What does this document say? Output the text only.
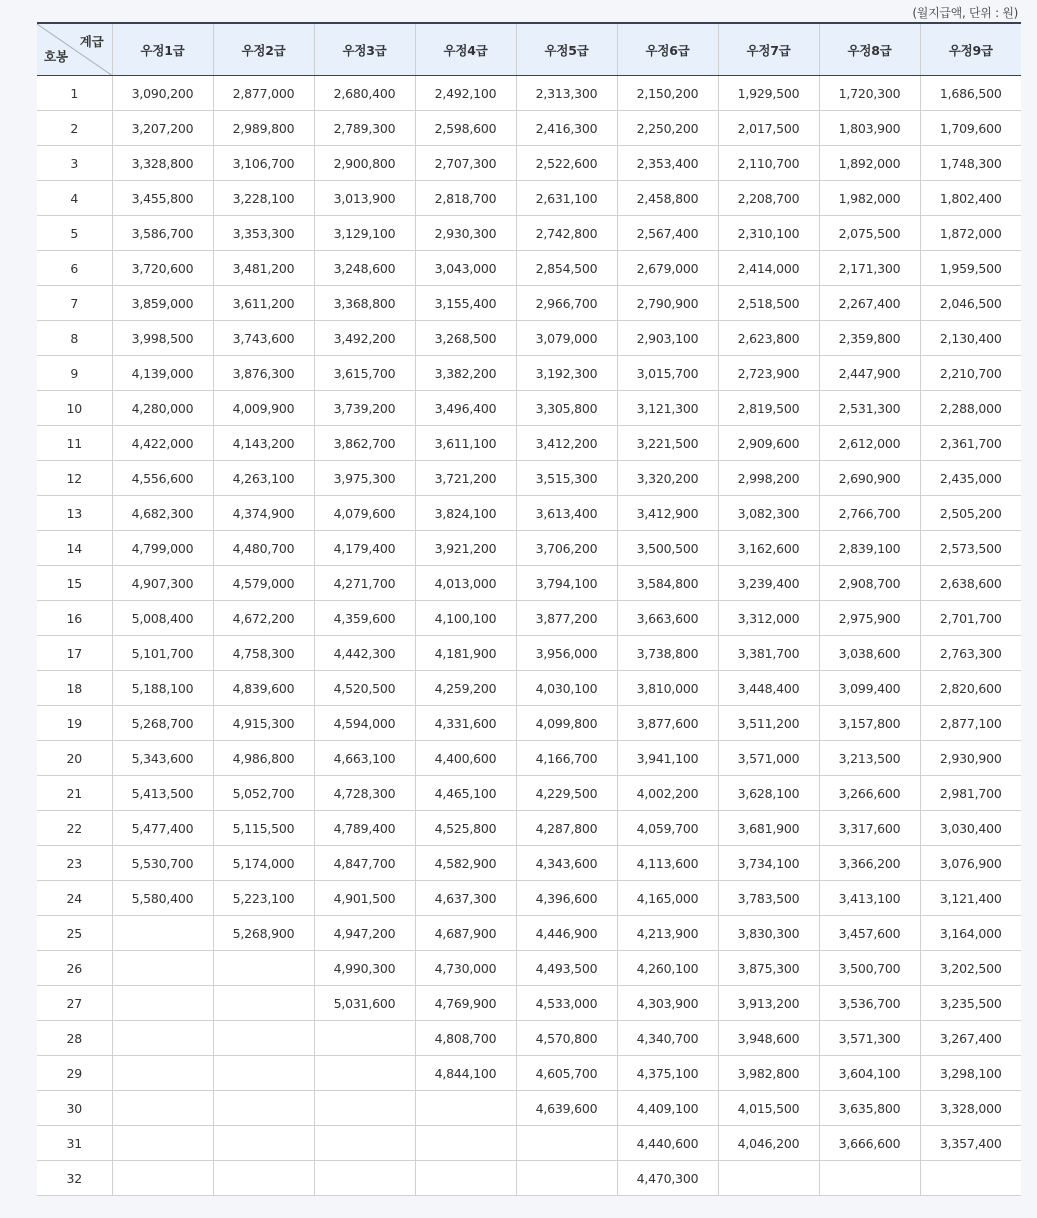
(월지급액, 단위 : 원)
계급
호봉	우정1급	우정2급	우정3급	우정4급	우정5급	우정6급	우정7급	우정8급	우정9급
1	3,090,200	2,877,000	2,680,400	2,492,100	2,313,300	2,150,200	1,929,500	1,720,300	1,686,500
2	3,207,200	2,989,800	2,789,300	2,598,600	2,416,300	2,250,200	2,017,500	1,803,900	1,709,600
3	3,328,800	3,106,700	2,900,800	2,707,300	2,522,600	2,353,400	2,110,700	1,892,000	1,748,300
4	3,455,800	3,228,100	3,013,900	2,818,700	2,631,100	2,458,800	2,208,700	1,982,000	1,802,400
5	3,586,700	3,353,300	3,129,100	2,930,300	2,742,800	2,567,400	2,310,100	2,075,500	1,872,000
6	3,720,600	3,481,200	3,248,600	3,043,000	2,854,500	2,679,000	2,414,000	2,171,300	1,959,500
7	3,859,000	3,611,200	3,368,800	3,155,400	2,966,700	2,790,900	2,518,500	2,267,400	2,046,500
8	3,998,500	3,743,600	3,492,200	3,268,500	3,079,000	2,903,100	2,623,800	2,359,800	2,130,400
9	4,139,000	3,876,300	3,615,700	3,382,200	3,192,300	3,015,700	2,723,900	2,447,900	2,210,700
10	4,280,000	4,009,900	3,739,200	3,496,400	3,305,800	3,121,300	2,819,500	2,531,300	2,288,000
11	4,422,000	4,143,200	3,862,700	3,611,100	3,412,200	3,221,500	2,909,600	2,612,000	2,361,700
12	4,556,600	4,263,100	3,975,300	3,721,200	3,515,300	3,320,200	2,998,200	2,690,900	2,435,000
13	4,682,300	4,374,900	4,079,600	3,824,100	3,613,400	3,412,900	3,082,300	2,766,700	2,505,200
14	4,799,000	4,480,700	4,179,400	3,921,200	3,706,200	3,500,500	3,162,600	2,839,100	2,573,500
15	4,907,300	4,579,000	4,271,700	4,013,000	3,794,100	3,584,800	3,239,400	2,908,700	2,638,600
16	5,008,400	4,672,200	4,359,600	4,100,100	3,877,200	3,663,600	3,312,000	2,975,900	2,701,700
17	5,101,700	4,758,300	4,442,300	4,181,900	3,956,000	3,738,800	3,381,700	3,038,600	2,763,300
18	5,188,100	4,839,600	4,520,500	4,259,200	4,030,100	3,810,000	3,448,400	3,099,400	2,820,600
19	5,268,700	4,915,300	4,594,000	4,331,600	4,099,800	3,877,600	3,511,200	3,157,800	2,877,100
20	5,343,600	4,986,800	4,663,100	4,400,600	4,166,700	3,941,100	3,571,000	3,213,500	2,930,900
21	5,413,500	5,052,700	4,728,300	4,465,100	4,229,500	4,002,200	3,628,100	3,266,600	2,981,700
22	5,477,400	5,115,500	4,789,400	4,525,800	4,287,800	4,059,700	3,681,900	3,317,600	3,030,400
23	5,530,700	5,174,000	4,847,700	4,582,900	4,343,600	4,113,600	3,734,100	3,366,200	3,076,900
24	5,580,400	5,223,100	4,901,500	4,637,300	4,396,600	4,165,000	3,783,500	3,413,100	3,121,400
25		5,268,900	4,947,200	4,687,900	4,446,900	4,213,900	3,830,300	3,457,600	3,164,000
26			4,990,300	4,730,000	4,493,500	4,260,100	3,875,300	3,500,700	3,202,500
27			5,031,600	4,769,900	4,533,000	4,303,900	3,913,200	3,536,700	3,235,500
28				4,808,700	4,570,800	4,340,700	3,948,600	3,571,300	3,267,400
29				4,844,100	4,605,700	4,375,100	3,982,800	3,604,100	3,298,100
30					4,639,600	4,409,100	4,015,500	3,635,800	3,328,000
31						4,440,600	4,046,200	3,666,600	3,357,400
32						4,470,300			
